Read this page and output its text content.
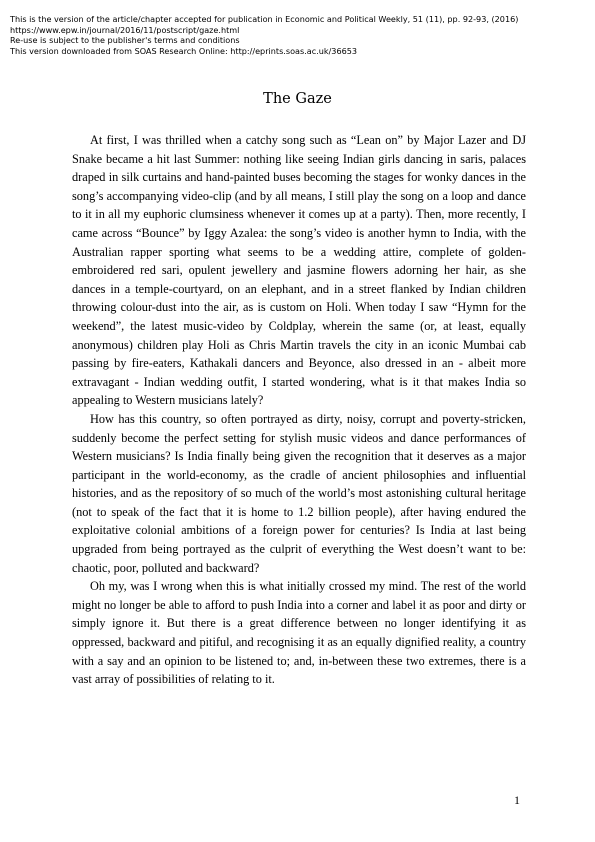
This is the version of the article/chapter accepted for publication in Economic and Political Weekly, 51 (11), pp. 92-93, (2016)
https://www.epw.in/journal/2016/11/postscript/gaze.html
Re-use is subject to the publisher's terms and conditions
This version downloaded from SOAS Research Online: http://eprints.soas.ac.uk/36653
The Gaze

At first, I was thrilled when a catchy song such as “Lean on” by Major Lazer and DJ Snake became a hit last Summer: nothing like seeing Indian girls dancing in saris, palaces draped in silk curtains and hand-painted buses becoming the stages for wonky dances in the song’s accompanying video-clip (and by all means, I still play the song on a loop and dance to it in all my euphoric clumsiness whenever it comes up at a party). Then, more recently, I came across “Bounce” by Iggy Azalea: the song’s video is another hymn to India, with the Australian rapper sporting what seems to be a wedding attire, complete of golden-embroidered red sari, opulent jewellery and jasmine flowers adorning her hair, as she dances in a temple-courtyard, on an elephant, and in a street flanked by Indian children throwing colour-dust into the air, as is custom on Holi. When today I saw “Hymn for the weekend”, the latest music-video by Coldplay, wherein the same (or, at least, equally anonymous) children play Holi as Chris Martin travels the city in an iconic Mumbai cab passing by fire-eaters, Kathakali dancers and Beyonce, also dressed in an - albeit more extravagant - Indian wedding outfit, I started wondering, what is it that makes India so appealing to Western musicians lately?

How has this country, so often portrayed as dirty, noisy, corrupt and poverty-stricken, suddenly become the perfect setting for stylish music videos and dance performances of Western musicians? Is India finally being given the recognition that it deserves as a major participant in the world-economy, as the cradle of ancient philosophies and influential histories, and as the repository of so much of the world’s most astonishing cultural heritage (not to speak of the fact that it is home to 1.2 billion people), after having endured the exploitative colonial ambitions of a foreign power for centuries? Is India at last being upgraded from being portrayed as the culprit of everything the West doesn’t want to be: chaotic, poor, polluted and backward?

Oh my, was I wrong when this is what initially crossed my mind. The rest of the world might no longer be able to afford to push India into a corner and label it as poor and dirty or simply ignore it. But there is a great difference between no longer identifying it as oppressed, backward and pitiful, and recognising it as an equally dignified reality, a country with a say and an opinion to be listened to; and, in-between these two extremes, there is a vast array of possibilities of relating to it.

1
